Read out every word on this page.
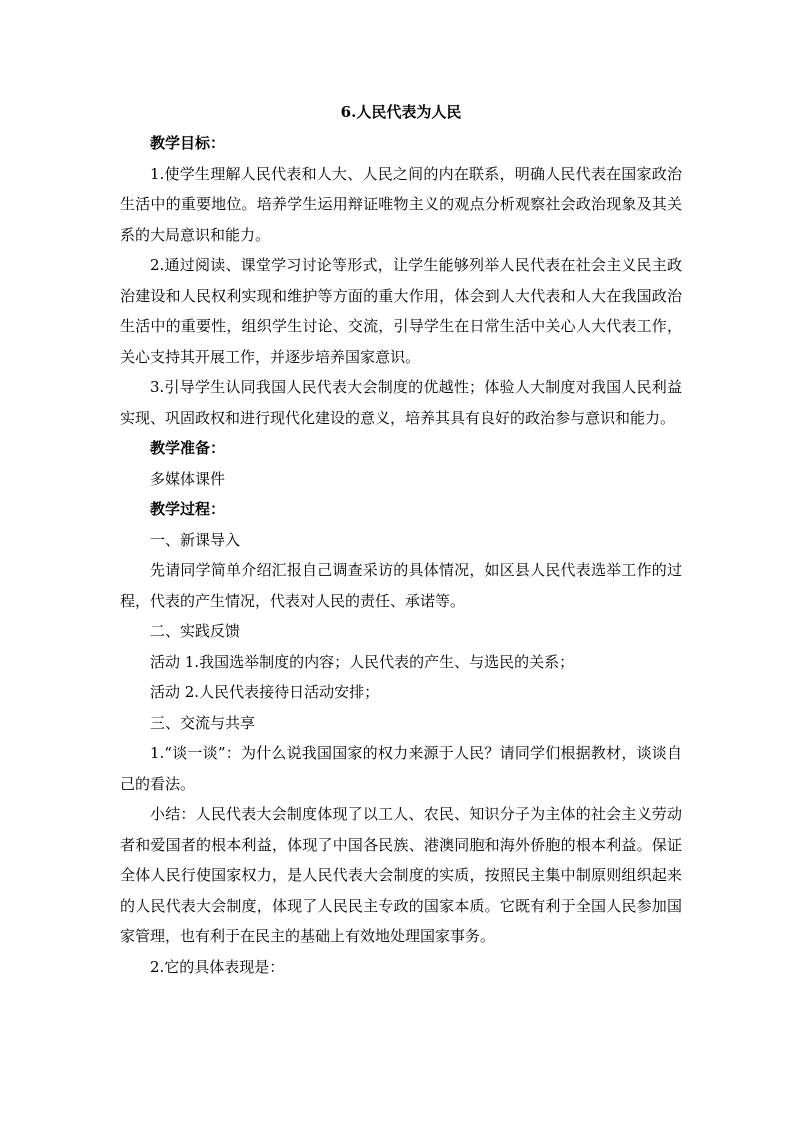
6.人民代表为人民

教学目标：

1.使学生理解人民代表和人大、人民之间的内在联系，明确人民代表在国家政治生活中的重要地位。培养学生运用辩证唯物主义的观点分析观察社会政治现象及其关系的大局意识和能力。

2.通过阅读、课堂学习讨论等形式，让学生能够列举人民代表在社会主义民主政治建设和人民权利实现和维护等方面的重大作用，体会到人大代表和人大在我国政治生活中的重要性，组织学生讨论、交流，引导学生在日常生活中关心人大代表工作，关心支持其开展工作，并逐步培养国家意识。

3.引导学生认同我国人民代表大会制度的优越性；体验人大制度对我国人民利益实现、巩固政权和进行现代化建设的意义，培养其具有良好的政治参与意识和能力。

教学准备：

多媒体课件

教学过程：

一、新课导入

先请同学简单介绍汇报自己调查采访的具体情况，如区县人民代表选举工作的过程，代表的产生情况，代表对人民的责任、承诺等。

二、实践反馈

活动 1.我国选举制度的内容；人民代表的产生、与选民的关系；

活动 2.人民代表接待日活动安排；

三、交流与共享

1.“谈一谈”：为什么说我国国家的权力来源于人民？请同学们根据教材，谈谈自己的看法。

小结：人民代表大会制度体现了以工人、农民、知识分子为主体的社会主义劳动者和爱国者的根本利益，体现了中国各民族、港澳同胞和海外侨胞的根本利益。保证全体人民行使国家权力，是人民代表大会制度的实质，按照民主集中制原则组织起来的人民代表大会制度，体现了人民民主专政的国家本质。它既有利于全国人民参加国家管理，也有利于在民主的基础上有效地处理国家事务。

2.它的具体表现是：
